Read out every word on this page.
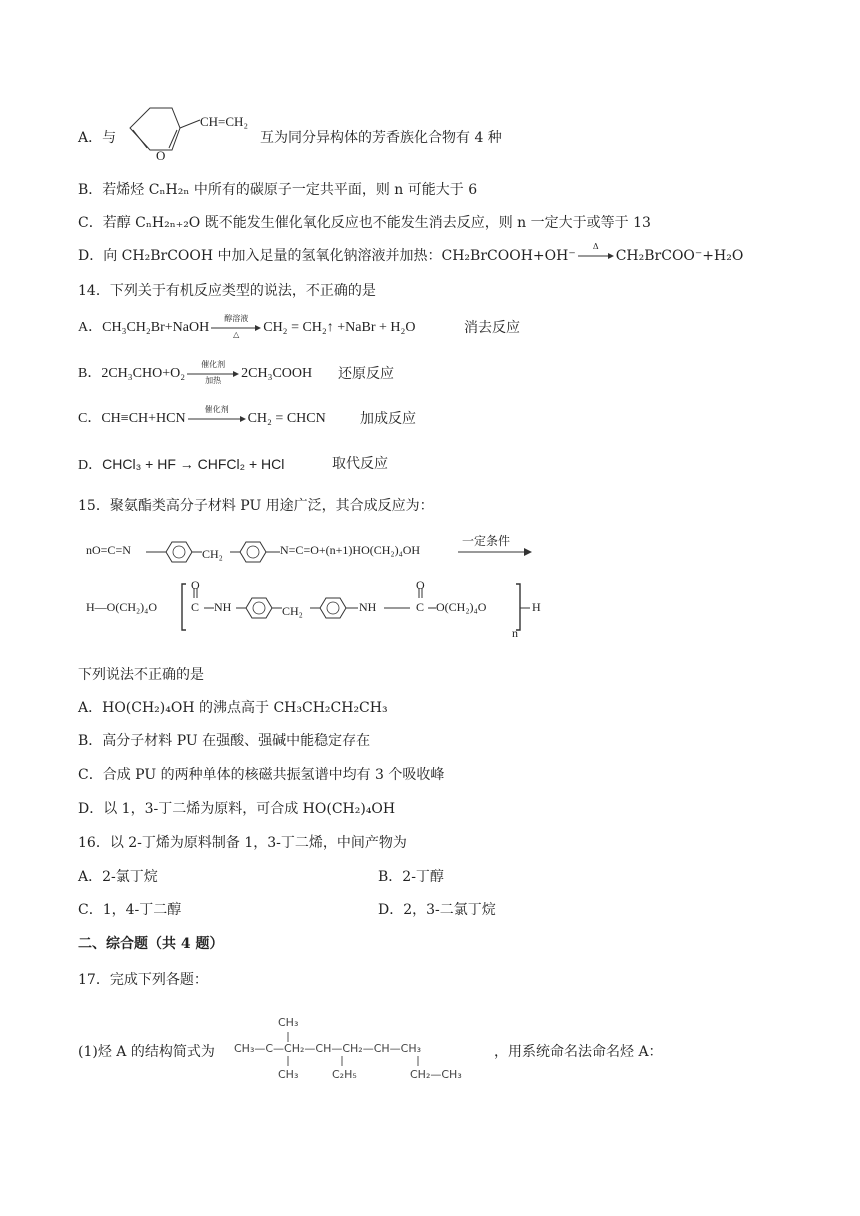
A．与
CH=CH₂
O
互为同分异构体的芳香族化合物有 4 种
B．若烯烃 CₙH₂ₙ 中所有的碳原子一定共平面，则 n 可能大于 6
C．若醇 CₙH₂ₙ₊₂O 既不能发生催化氧化反应也不能发生消去反应，则 n 一定大于或等于 13
D．向 CH₂BrCOOH 中加入足量的氢氧化钠溶液并加热：CH₂BrCOOH+OH⁻
Δ
CH₂BrCOO⁻+H₂O
14．下列关于有机反应类型的说法，不正确的是
A．CH₃CH₂Br+NaOH
醇溶液
△	CH₂ = CH₂↑ +NaBr + H₂O	消去反应
B．2CH₃CHO+O₂
催化剂
加热	2CH₃COOH 还原反应
C．CH≡CH+HCN
催化剂
CH₂ = CHCN 加成反应
D．CHCl₃ + HF → CHFCl₂ + HCl	取代反应
15．聚氨酯类高分子材料 PU 用途广泛，其合成反应为：
nO=C=N	CH₂	N=C=O+(n+1)HO(CH₂)₄OH
一定条件
H—O(CH₂)₄O
O
C NH	CH₂	NH
O
C O(CH₂)₄O	H
n
下列说法不正确的是
A．HO(CH₂)₄OH 的沸点高于 CH₃CH₂CH₂CH₃
B．高分子材料 PU 在强酸、强碱中能稳定存在
C．合成 PU 的两种单体的核磁共振氢谱中均有 3 个吸收峰
D．以 1，3-丁二烯为原料，可合成 HO(CH₂)₄OH
16．以 2-丁烯为原料制备 1，3-丁二烯，中间产物为
A．2-氯丁烷	B．2-丁醇
C．1，4-丁二醇	D．2，3-二氯丁烷
二、综合题（共 4 题）
17．完成下列各题：
(1)烃 A 的结构简式为
CH₃
CH₃—C—CH₂—CH—CH₂—CH—CH₃
CH₃	C₂H₅	CH₂—CH₃
，用系统命名法命名烃 A：
